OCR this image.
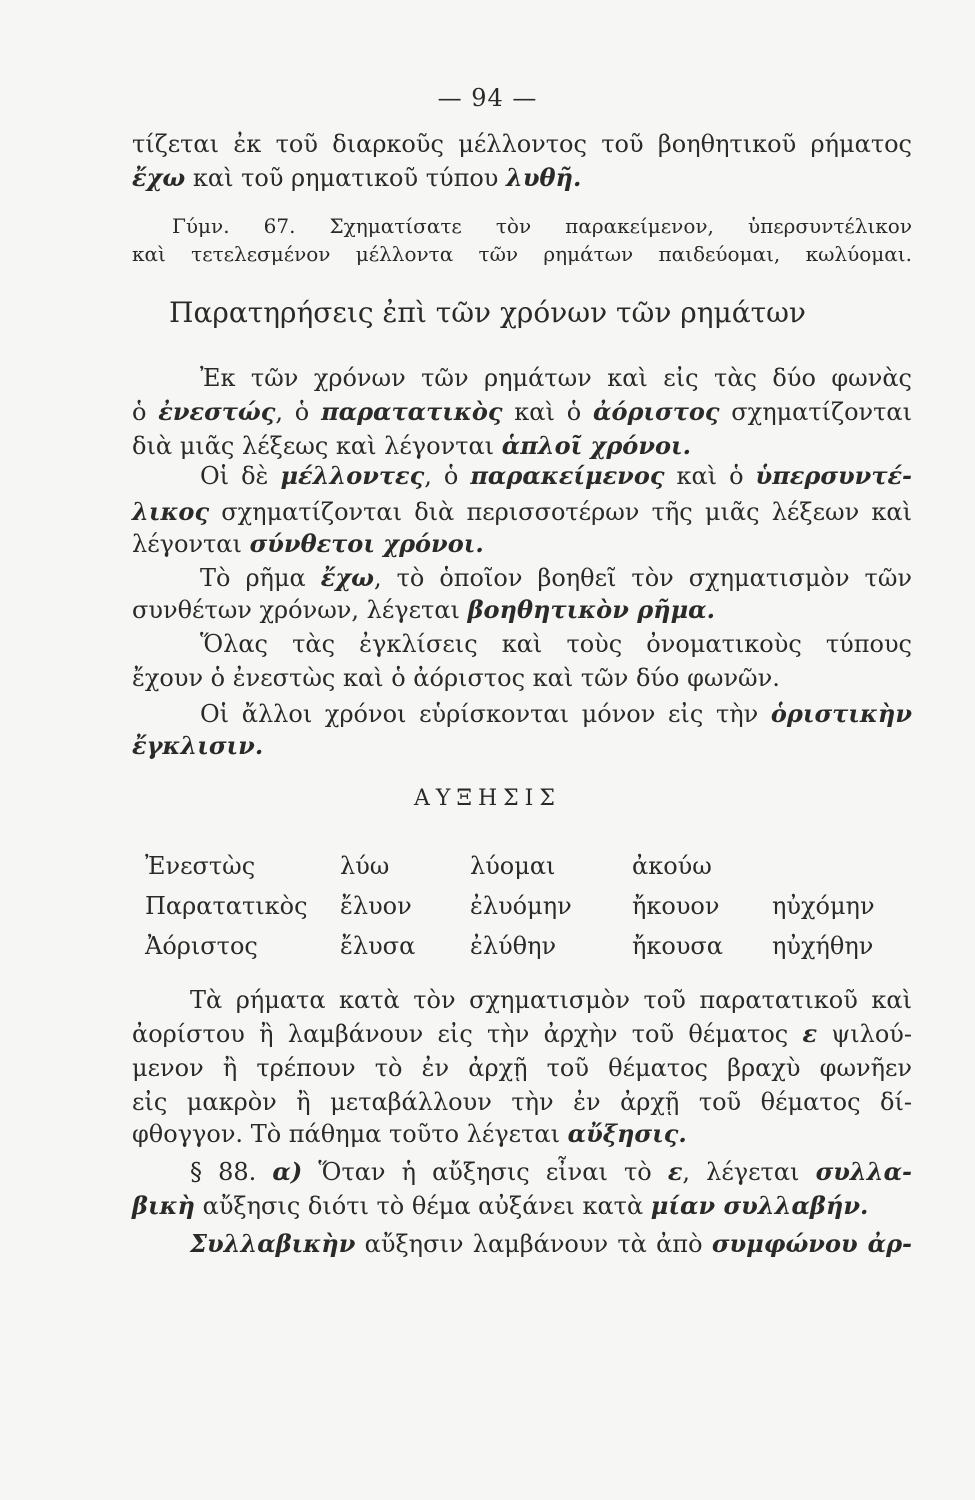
— 94 —
τίζεται ἐκ τοῦ διαρκοῦς μέλλοντος τοῦ βοηθητικοῦ ρήματος
ἔχω καὶ τοῦ ρηματικοῦ τύπου λυθῆ.
Γύμν. 67. Σχηματίσατε τὸν παρακείμενον, ὑπερσυντέλικον
καὶ τετελεσμένον μέλλοντα τῶν ρημάτων παιδεύομαι, κωλύομαι.
Παρατηρήσεις ἐπὶ τῶν χρόνων τῶν ρημάτων
Ἐκ τῶν χρόνων τῶν ρημάτων καὶ εἰς τὰς δύο φωνὰς
ὁ ἐνεστώς, ὁ παρατατικὸς καὶ ὁ ἀόριστος σχηματίζονται
διὰ μιᾶς λέξεως καὶ λέγονται ἁπλοῖ χρόνοι.
Οἱ δὲ μέλλοντες, ὁ παρακείμενος καὶ ὁ ὑπερσυντέ-
λικος σχηματίζονται διὰ περισσοτέρων τῆς μιᾶς λέξεων καὶ
λέγονται σύνθετοι χρόνοι.
Τὸ ρῆμα ἔχω, τὸ ὁποῖον βοηθεῖ τὸν σχηματισμὸν τῶν
συνθέτων χρόνων, λέγεται βοηθητικὸν ρῆμα.
Ὅλας τὰς ἐγκλίσεις καὶ τοὺς ὀνοματικοὺς τύπους
ἔχουν ὁ ἐνεστὼς καὶ ὁ ἀόριστος καὶ τῶν δύο φωνῶν.
Οἱ ἄλλοι χρόνοι εὑρίσκονται μόνον εἰς τὴν ὁριστικὴν
ἔγκλισιν.
ΑΥΞΗΣΙΣ
Ἐνεστὼς	λύω	λύομαι	ἀκούω
Παρατατικὸς	ἔλυον	ἐλυόμην	ἤκουον	ηὐχόμην
Ἀόριστος	ἔλυσα	ἐλύθην	ἤκουσα	ηὐχήθην
Τὰ ρήματα κατὰ τὸν σχηματισμὸν τοῦ παρατατικοῦ καὶ
ἀορίστου ἢ λαμβάνουν εἰς τὴν ἀρχὴν τοῦ θέματος ε ψιλού-
μενον ἢ τρέπουν τὸ ἐν ἀρχῇ τοῦ θέματος βραχὺ φωνῆεν
εἰς μακρὸν ἢ μεταβάλλουν τὴν ἐν ἀρχῇ τοῦ θέματος δί-
φθογγον. Τὸ πάθημα τοῦτο λέγεται αὔξησις.
§ 88. α) Ὅταν ἡ αὔξησις εἶναι τὸ ε, λέγεται συλλα-
βικὴ αὔξησις διότι τὸ θέμα αὐξάνει κατὰ μίαν συλλαβήν.
Συλλαβικὴν αὔξησιν λαμβάνουν τὰ ἀπὸ συμφώνου ἀρ-
